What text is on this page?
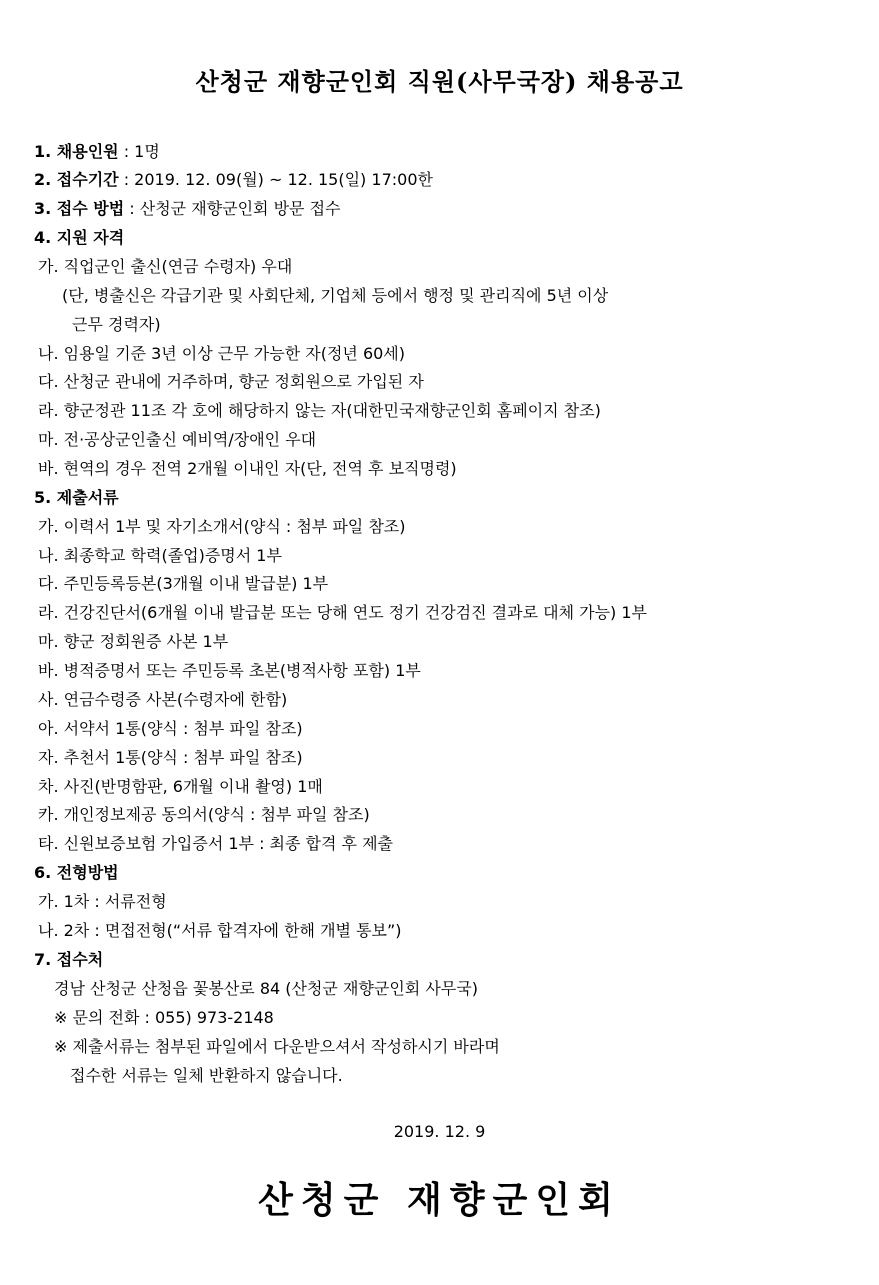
산청군 재향군인회 직원(사무국장) 채용공고
1. 채용인원 : 1명
2. 접수기간 : 2019. 12. 09(월) ~ 12. 15(일) 17:00한
3. 접수 방법 : 산청군 재향군인회 방문 접수
4. 지원 자격
가. 직업군인 출신(연금 수령자) 우대
(단, 병출신은 각급기관 및 사회단체, 기업체 등에서 행정 및 관리직에 5년 이상
근무 경력자)
나. 임용일 기준 3년 이상 근무 가능한 자(정년 60세)
다. 산청군 관내에 거주하며, 향군 정회원으로 가입된 자
라. 향군정관 11조 각 호에 해당하지 않는 자(대한민국재향군인회 홈페이지 참조)
마. 전·공상군인출신 예비역/장애인 우대
바. 현역의 경우 전역 2개월 이내인 자(단, 전역 후 보직명령)
5. 제출서류
가. 이력서 1부 및 자기소개서(양식 : 첨부 파일 참조)
나. 최종학교 학력(졸업)증명서 1부
다. 주민등록등본(3개월 이내 발급분) 1부
라. 건강진단서(6개월 이내 발급분 또는 당해 연도 정기 건강검진 결과로 대체 가능) 1부
마. 향군 정회원증 사본 1부
바. 병적증명서 또는 주민등록 초본(병적사항 포함) 1부
사. 연금수령증 사본(수령자에 한함)
아. 서약서 1통(양식 : 첨부 파일 참조)
자. 추천서 1통(양식 : 첨부 파일 참조)
차. 사진(반명함판, 6개월 이내 촬영) 1매
카. 개인정보제공 동의서(양식 : 첨부 파일 참조)
타. 신원보증보험 가입증서 1부 : 최종 합격 후 제출
6. 전형방법
가. 1차 : 서류전형
나. 2차 : 면접전형(“서류 합격자에 한해 개별 통보”)
7. 접수처
경남 산청군 산청읍 꽃봉산로 84 (산청군 재향군인회 사무국)
※ 문의 전화 : 055) 973-2148
※ 제출서류는 첨부된 파일에서 다운받으셔서 작성하시기 바라며
접수한 서류는 일체 반환하지 않습니다.
2019. 12. 9
산청군 재향군인회
